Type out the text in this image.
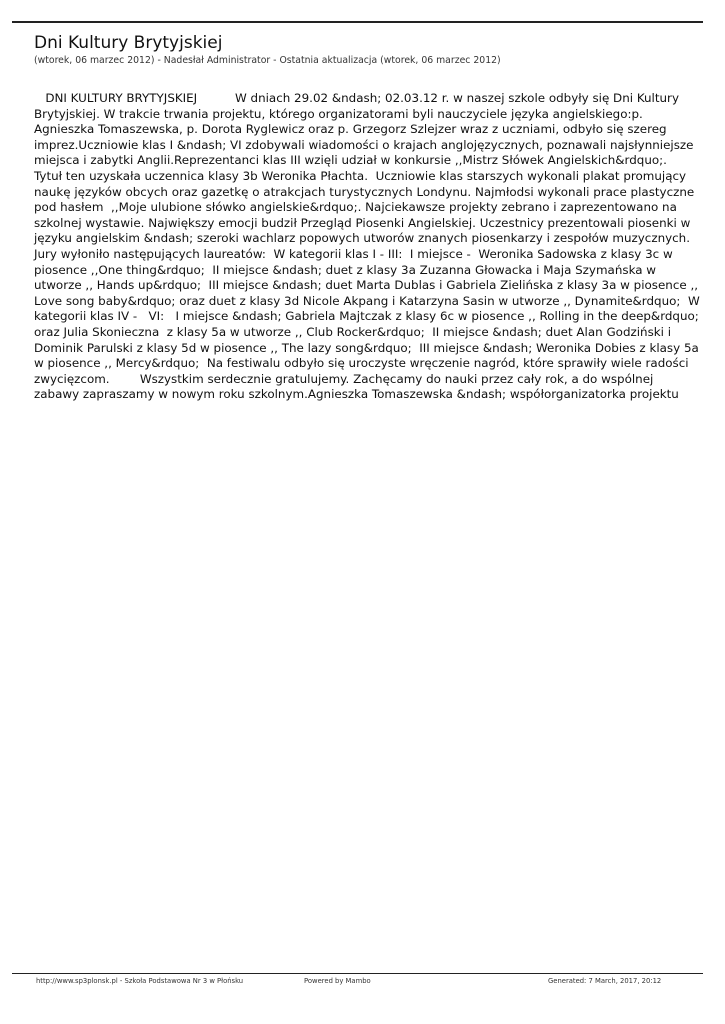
Dni Kultury Brytyjskiej
(wtorek, 06 marzec 2012) - Nadesłał Administrator - Ostatnia aktualizacja (wtorek, 06 marzec 2012)
DNI KULTURY BRYTYJSKIEJ          W dniach 29.02 &ndash; 02.03.12 r. w naszej szkole odbyły się Dni Kultury Brytyjskiej. W trakcie trwania projektu, którego organizatorami byli nauczyciele języka angielskiego:p. Agnieszka Tomaszewska, p. Dorota Ryglewicz oraz p. Grzegorz Szlejzer wraz z uczniami, odbyło się szereg imprez.Uczniowie klas I &ndash; VI zdobywali wiadomości o krajach anglojęzycznych, poznawali najsłynniejsze miejsca i zabytki Anglii.Reprezentanci klas III wzięli udział w konkursie ,,Mistrz Słówek Angielskich&rdquo;.    Tytuł ten uzyskała uczennica klasy 3b Weronika Płachta.  Uczniowie klas starszych wykonali plakat promujący naukę języków obcych oraz gazetkę o atrakcjach turystycznych Londynu. Najmłodsi wykonali prace plastyczne pod hasłem  ,,Moje ulubione słówko angielskie&rdquo;. Najciekawsze projekty zebrano i zaprezentowano na szkolnej wystawie. Największy emocji budził Przegląd Piosenki Angielskiej. Uczestnicy prezentowali piosenki w języku angielskim &ndash; szeroki wachlarz popowych utworów znanych piosenkarzy i zespołów muzycznych. Jury wyłoniło następujących laureatów:  W kategorii klas I - III:  I miejsce -  Weronika Sadowska z klasy 3c w piosence ,,One thing&rdquo;  II miejsce &ndash; duet z klasy 3a Zuzanna Głowacka i Maja Szymańska w utworze ,, Hands up&rdquo;  III miejsce &ndash; duet Marta Dublas i Gabriela Zielińska z klasy 3a w piosence ,, Love song baby&rdquo; oraz duet z klasy 3d Nicole Akpang i Katarzyna Sasin w utworze ,, Dynamite&rdquo;  W kategorii klas IV -   VI:   I miejsce &ndash; Gabriela Majtczak z klasy 6c w piosence ,, Rolling in the deep&rdquo;  oraz Julia Skonieczna  z klasy 5a w utworze ,, Club Rocker&rdquo;  II miejsce &ndash; duet Alan Godziński i Dominik Parulski z klasy 5d w piosence ,, The lazy song&rdquo;  III miejsce &ndash; Weronika Dobies z klasy 5a w piosence ,, Mercy&rdquo;  Na festiwalu odbyło się uroczyste wręczenie nagród, które sprawiły wiele radości zwycięzcom.        Wszystkim serdecznie gratulujemy. Zachęcamy do nauki przez cały rok, a do wspólnej zabawy zapraszamy w nowym roku szkolnym.Agnieszka Tomaszewska &ndash; współorganizatorka projektu
http://www.sp3plonsk.pl - Szkoła Podstawowa Nr 3 w Płońsku	Powered by Mambo	Generated: 7 March, 2017, 20:12
